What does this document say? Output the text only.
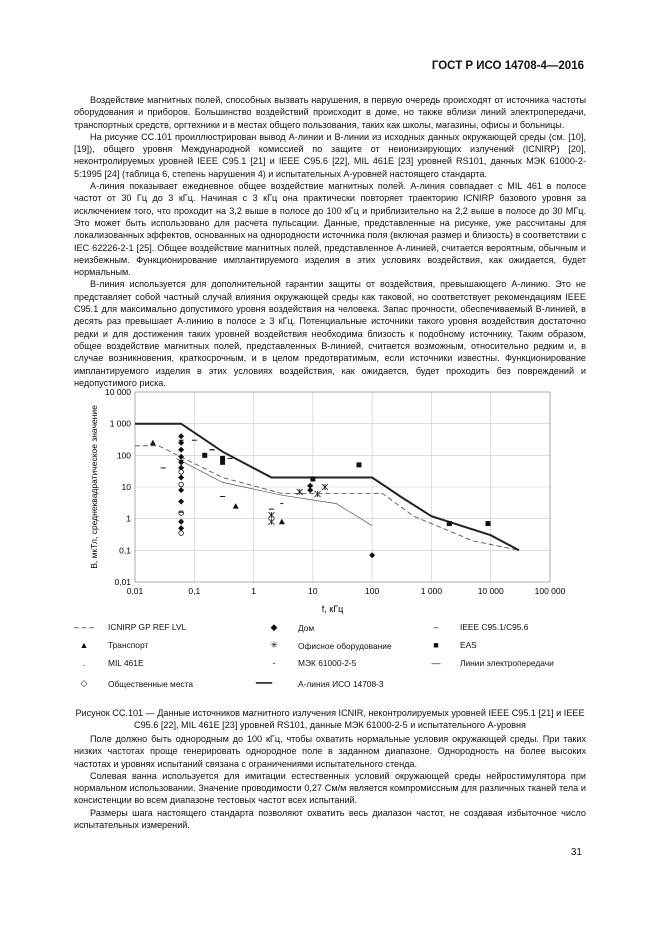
ГОСТ Р ИСО 14708-4—2016

Воздействие магнитных полей, способных вызвать нарушения, в первую очередь происходят от источника частоты оборудования и приборов. Большинство воздействий происходит в доме, но также вблизи линий электропередачи, транспортных средств, оргтехники и в местах общего пользования, таких как школы, магазины, офисы и больницы.

На рисунке СС.101 проиллюстрирован вывод А-линии и В-линии из исходных данных окружающей среды (см. [10], [19]), общего уровня Международной комиссией по защите от неионизирующих излучений (ICNIRP) [20], неконтролируемых уровней IEEE C95.1 [21] и IEEE C95.6 [22], MIL 461E [23] уровней RS101, данных МЭК 61000-2-5:1995 [24] (таблица 6, степень нарушения 4) и испытательных А-уровней настоящего стандарта.

А-линия показывает ежедневное общее воздействие магнитных полей. А-линия совпадает с MIL 461 в полосе частот от 30 Гц до 3 кГц. Начиная с 3 кГц она практически повторяет траекторию ICNIRP базового уровня за исключением того, что проходит на 3,2 выше в полосе до 100 кГц и приблизительно на 2,2 выше в полосе до 30 МГц. Это может быть использовано для расчета пульсации. Данные, представленные на рисунке, уже рассчитаны для локализованных эффектов, основанных на однородности источника поля (включая размер и близость) в соответствии с IEC 62226-2-1 [25]. Общее воздействие магнитных полей, представленное А-линией, считается вероятным, обычным и неизбежным. Функционирование имплантируемого изделия в этих условиях воздействия, как ожидается, будет нормальным.

В-линия используется для дополнительной гарантии защиты от воздействия, превышающего А-линию. Это не представляет собой частный случай влияния окружающей среды как таковой, но соответствует рекомендациям IEEE C95.1 для максимально допустимого уровня воздействия на человека. Запас прочности, обеспечиваемый В-линией, в десять раз превышает А-линию в полосе ≥ 3 кГц. Потенциальные источники такого уровня воздействия достаточно редки и для достижения таких уровней воздействия необходима близость к подобному источнику. Таким образом, общее воздействие магнитных полей, представленных В-линией, считается возможным, относительно редким и, в случае возникновения, краткосрочным, и в целом предотвратимым, если источники известны. Функционирование имплантируемого изделия в этих условиях воздействия, как ожидается, будет проходить без повреждений и недопустимого риска.

0,01	0,1	1	10	100	1 000	10 000	100 000
0,01
0,1
1
10
100
1 000
10 000
f, кГц
B, мкТл, среднеквадратическое значение
– – –	ICNIRP GP REF LVL	◆	Дом	–	IEEE C95.1/C95.6
▲	Транспорт	✳	Офисное оборудование	■	EAS
.	MIL 461E	-	МЭК 61000-2-5	—	Линии электропередачи
◇	Общественные места	━━━	А-линия ИСО 14708-3
Рисунок СС.101 — Данные источников магнитного излучения ICNIR, неконтролируемых уровней IEEE C95.1 [21] и IEEE C95.6 [22], MIL 461E [23] уровней RS101, данные МЭК 61000-2-5 и испытательного А-уровня

Поле должно быть однородным до 100 кГц, чтобы охватить нормальные условия окружающей среды. При таких низких частотах проще генерировать однородное поле в заданном диапазоне. Однородность на более высоких частотах и уровнях испытаний связана с ограничениями испытательного стенда.

Солевая ванна используется для имитации естественных условий окружающей среды нейростимулятора при нормальном использовании. Значение проводимости 0,27 См/м является компромиссным для различных тканей тела и консистенции во всем диапазоне тестовых частот всех испытаний.

Размеры шага настоящего стандарта позволяют охватить весь диапазон частот, не создавая избыточное число испытательных измерений.

31
